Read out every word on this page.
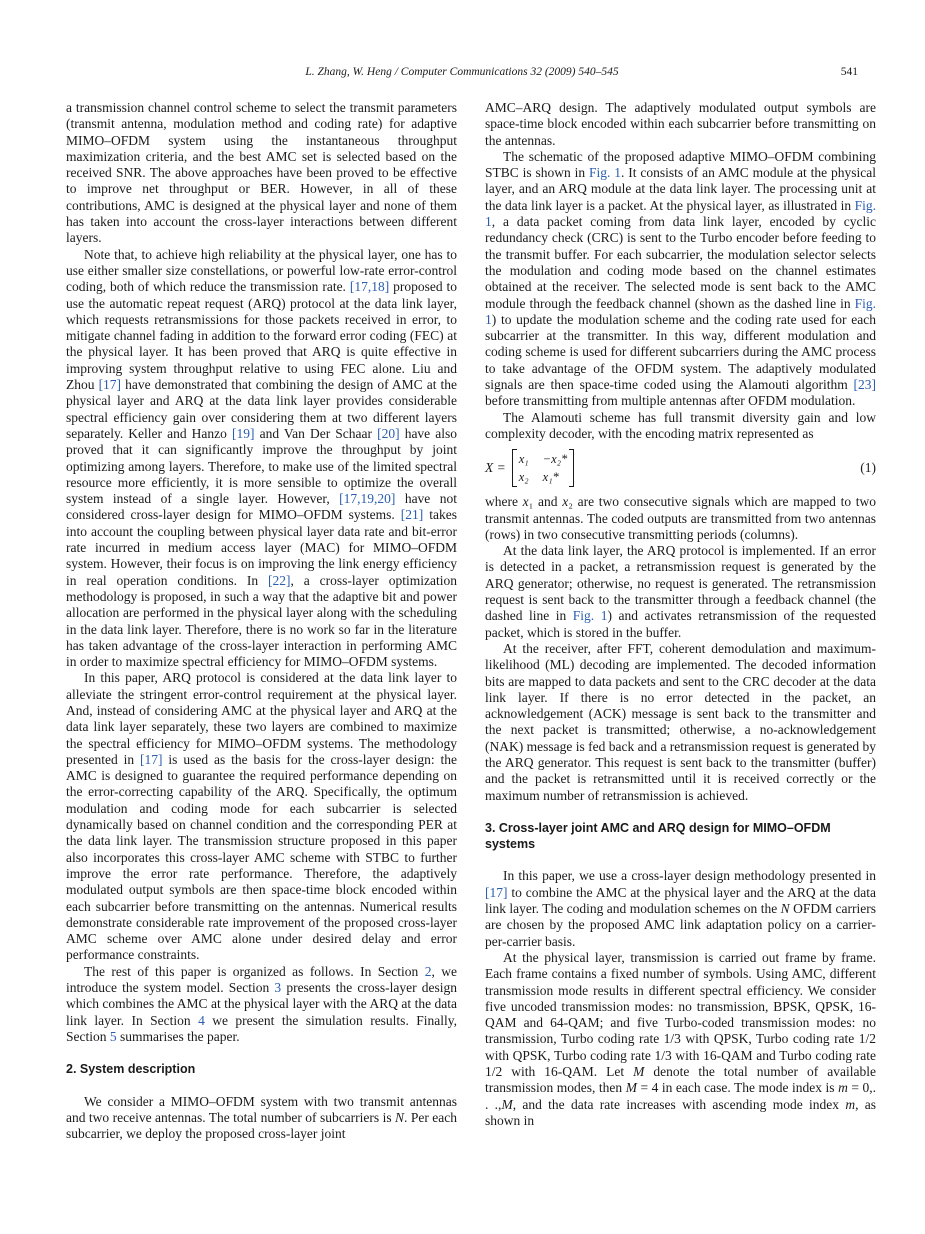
L. Zhang, W. Heng / Computer Communications 32 (2009) 540–545	541

a transmission channel control scheme to select the transmit parameters (transmit antenna, modulation method and coding rate) for adaptive MIMO–OFDM system using the instantaneous throughput maximization criteria, and the best AMC set is selected based on the received SNR. The above approaches have been proved to be effective to improve net throughput or BER. However, in all of these contributions, AMC is designed at the physical layer and none of them has taken into account the cross-layer interactions between different layers.

Note that, to achieve high reliability at the physical layer, one has to use either smaller size constellations, or powerful low-rate error-control coding, both of which reduce the transmission rate. [17,18] proposed to use the automatic repeat request (ARQ) protocol at the data link layer, which requests retransmissions for those packets received in error, to mitigate channel fading in addition to the forward error coding (FEC) at the physical layer. It has been proved that ARQ is quite effective in improving system throughput relative to using FEC alone. Liu and Zhou [17] have demonstrated that combining the design of AMC at the physical layer and ARQ at the data link layer provides considerable spectral efficiency gain over considering them at two different layers separately. Keller and Hanzo [19] and Van Der Schaar [20] have also proved that it can significantly improve the throughput by joint optimizing among layers. Therefore, to make use of the limited spectral resource more efficiently, it is more sensible to optimize the overall system instead of a single layer. However, [17,19,20] have not considered cross-layer design for MIMO–OFDM systems. [21] takes into account the coupling between physical layer data rate and bit-error rate incurred in medium access layer (MAC) for MIMO–OFDM system. However, their focus is on improving the link energy efficiency in real operation conditions. In [22], a cross-layer optimization methodology is proposed, in such a way that the adaptive bit and power allocation are performed in the physical layer along with the scheduling in the data link layer. Therefore, there is no work so far in the literature has taken advantage of the cross-layer interaction in performing AMC in order to maximize spectral efficiency for MIMO–OFDM systems.

In this paper, ARQ protocol is considered at the data link layer to alleviate the stringent error-control requirement at the physical layer. And, instead of considering AMC at the physical layer and ARQ at the data link layer separately, these two layers are combined to maximize the spectral efficiency for MIMO–OFDM systems. The methodology presented in [17] is used as the basis for the cross-layer design: the AMC is designed to guarantee the required performance depending on the error-correcting capability of the ARQ. Specifically, the optimum modulation and coding mode for each subcarrier is selected dynamically based on channel condition and the corresponding PER at the data link layer. The transmission structure proposed in this paper also incorporates this cross-layer AMC scheme with STBC to further improve the error rate performance. Therefore, the adaptively modulated output symbols are then space-time block encoded within each subcarrier before transmitting on the antennas. Numerical results demonstrate considerable rate improvement of the proposed cross-layer AMC scheme over AMC alone under desired delay and error performance constraints.

The rest of this paper is organized as follows. In Section 2, we introduce the system model. Section 3 presents the cross-layer design which combines the AMC at the physical layer with the ARQ at the data link layer. In Section 4 we present the simulation results. Finally, Section 5 summarises the paper.

2. System description

We consider a MIMO–OFDM system with two transmit antennas and two receive antennas. The total number of subcarriers is N. Per each subcarrier, we deploy the proposed cross-layer joint

AMC–ARQ design. The adaptively modulated output symbols are space-time block encoded within each subcarrier before transmitting on the antennas.

The schematic of the proposed adaptive MIMO–OFDM combining STBC is shown in Fig. 1. It consists of an AMC module at the physical layer, and an ARQ module at the data link layer. The processing unit at the data link layer is a packet. At the physical layer, as illustrated in Fig. 1, a data packet coming from data link layer, encoded by cyclic redundancy check (CRC) is sent to the Turbo encoder before feeding to the transmit buffer. For each subcarrier, the modulation selector selects the modulation and coding mode based on the channel estimates obtained at the receiver. The selected mode is sent back to the AMC module through the feedback channel (shown as the dashed line in Fig. 1) to update the modulation scheme and the coding rate used for each subcarrier at the transmitter. In this way, different modulation and coding scheme is used for different subcarriers during the AMC process to take advantage of the OFDM system. The adaptively modulated signals are then space-time coded using the Alamouti algorithm [23] before transmitting from multiple antennas after OFDM modulation.

The Alamouti scheme has full transmit diversity gain and low complexity decoder, with the encoding matrix represented as

X =
x₁ −x₂*
x₂ x₁*
(1)

where x₁ and x₂ are two consecutive signals which are mapped to two transmit antennas. The coded outputs are transmitted from two antennas (rows) in two consecutive transmitting periods (columns).

At the data link layer, the ARQ protocol is implemented. If an error is detected in a packet, a retransmission request is generated by the ARQ generator; otherwise, no request is generated. The retransmission request is sent back to the transmitter through a feedback channel (the dashed line in Fig. 1) and activates retransmission of the requested packet, which is stored in the buffer.

At the receiver, after FFT, coherent demodulation and maximum-likelihood (ML) decoding are implemented. The decoded information bits are mapped to data packets and sent to the CRC decoder at the data link layer. If there is no error detected in the packet, an acknowledgement (ACK) message is sent back to the transmitter and the next packet is transmitted; otherwise, a no-acknowledgement (NAK) message is fed back and a retransmission request is generated by the ARQ generator. This request is sent back to the transmitter (buffer) and the packet is retransmitted until it is received correctly or the maximum number of retransmission is achieved.

3. Cross-layer joint AMC and ARQ design for MIMO–OFDM systems

In this paper, we use a cross-layer design methodology presented in [17] to combine the AMC at the physical layer and the ARQ at the data link layer. The coding and modulation schemes on the N OFDM carriers are chosen by the proposed AMC link adaptation policy on a carrier-per-carrier basis.

At the physical layer, transmission is carried out frame by frame. Each frame contains a fixed number of symbols. Using AMC, different transmission mode results in different spectral efficiency. We consider five uncoded transmission modes: no transmission, BPSK, QPSK, 16-QAM and 64-QAM; and five Turbo-coded transmission modes: no transmission, Turbo coding rate 1/3 with QPSK, Turbo coding rate 1/2 with QPSK, Turbo coding rate 1/3 with 16-QAM and Turbo coding rate 1/2 with 16-QAM. Let M denote the total number of available transmission modes, then M = 4 in each case. The mode index is m = 0,. . .,M, and the data rate increases with ascending mode index m, as shown in
